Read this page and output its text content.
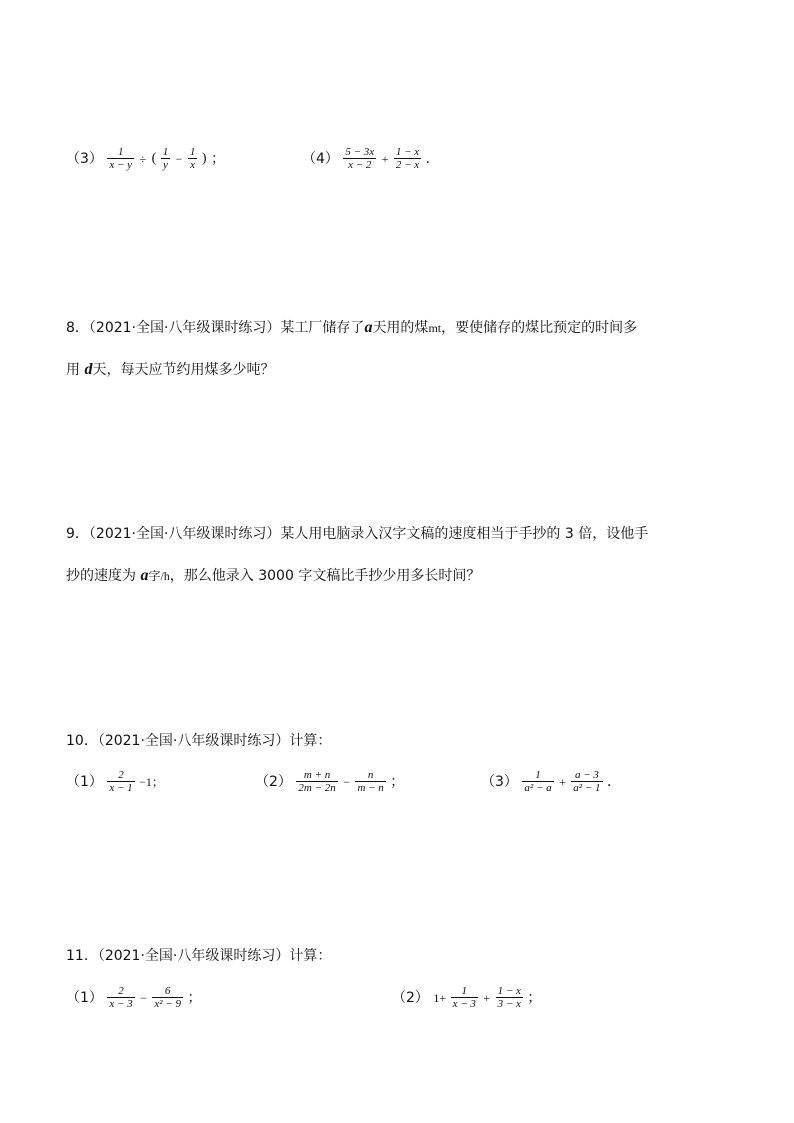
$(3) \frac{1}{x - y}$ ÷ ( $\frac{1}{y} - \frac{1}{x}$ ) ；	$(4) \frac{5 - 3x}{x - 2} + \frac{1 - x}{2 - x}$ ．
8．（2021·全国·八年级课时练习）某工厂储存了a天用的煤mt，要使储存的煤比预定的时间多
用 d天，每天应节约用煤多少吨？
9．（2021·全国·八年级课时练习）某人用电脑录入汉字文稿的速度相当于手抄的 3 倍，设他手
抄的速度为 a字/h，那么他录入 3000 字文稿比手抄少用多长时间？
10．（2021·全国·八年级课时练习）计算：
$(1) \frac{2}{x - 1} -1$；	$(2) \frac{m + n}{2m - 2n} - \frac{n}{m - n}$ ；	$(3) \frac{1}{\text{a² − a}} + \frac{a - 3}{\text{a² − 1}}$ ．
11．（2021·全国·八年级课时练习）计算：
$(1) \frac{2}{x - 3} - \frac{6}{\text{x² − 9}}$ ；	（2） $1+ \frac{1}{x - 3} + \frac{1 - x}{3 - x}$ ；
